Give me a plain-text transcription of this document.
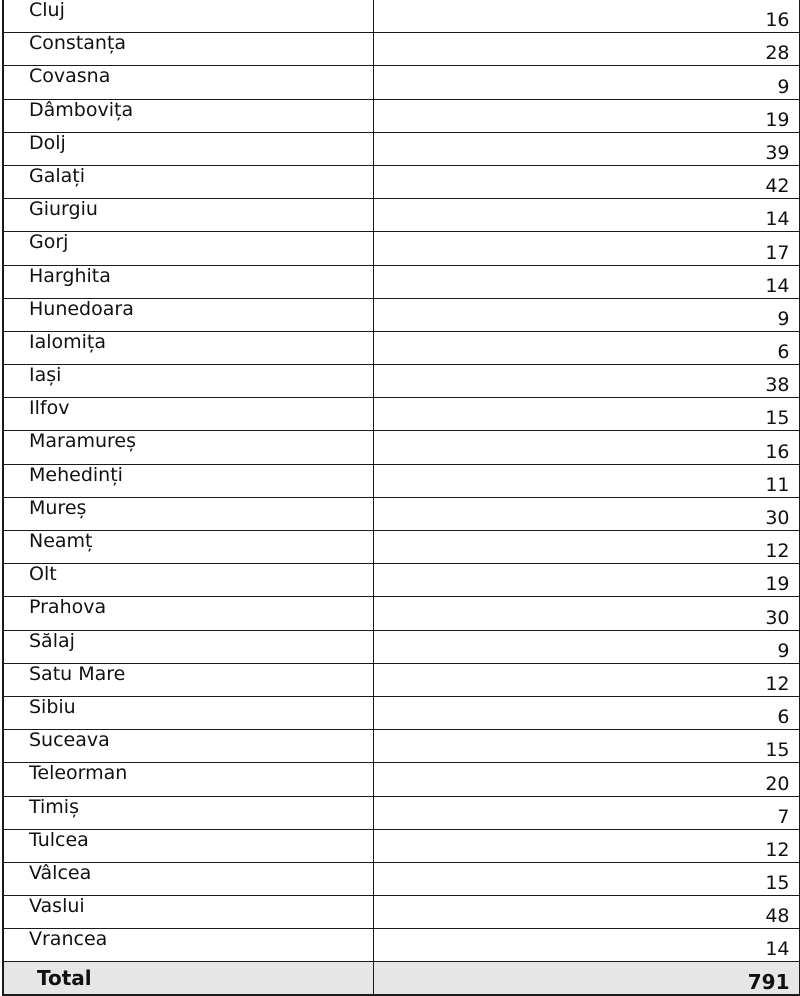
Cluj	16
Constanța	28
Covasna	9
Dâmbovița	19
Dolj	39
Galați	42
Giurgiu	14
Gorj	17
Harghita	14
Hunedoara	9
Ialomița	6
Iași	38
Ilfov	15
Maramureș	16
Mehedinți	11
Mureș	30
Neamț	12
Olt	19
Prahova	30
Sălaj	9
Satu Mare	12
Sibiu	6
Suceava	15
Teleorman	20
Timiș	7
Tulcea	12
Vâlcea	15
Vaslui	48
Vrancea	14
Total	791
